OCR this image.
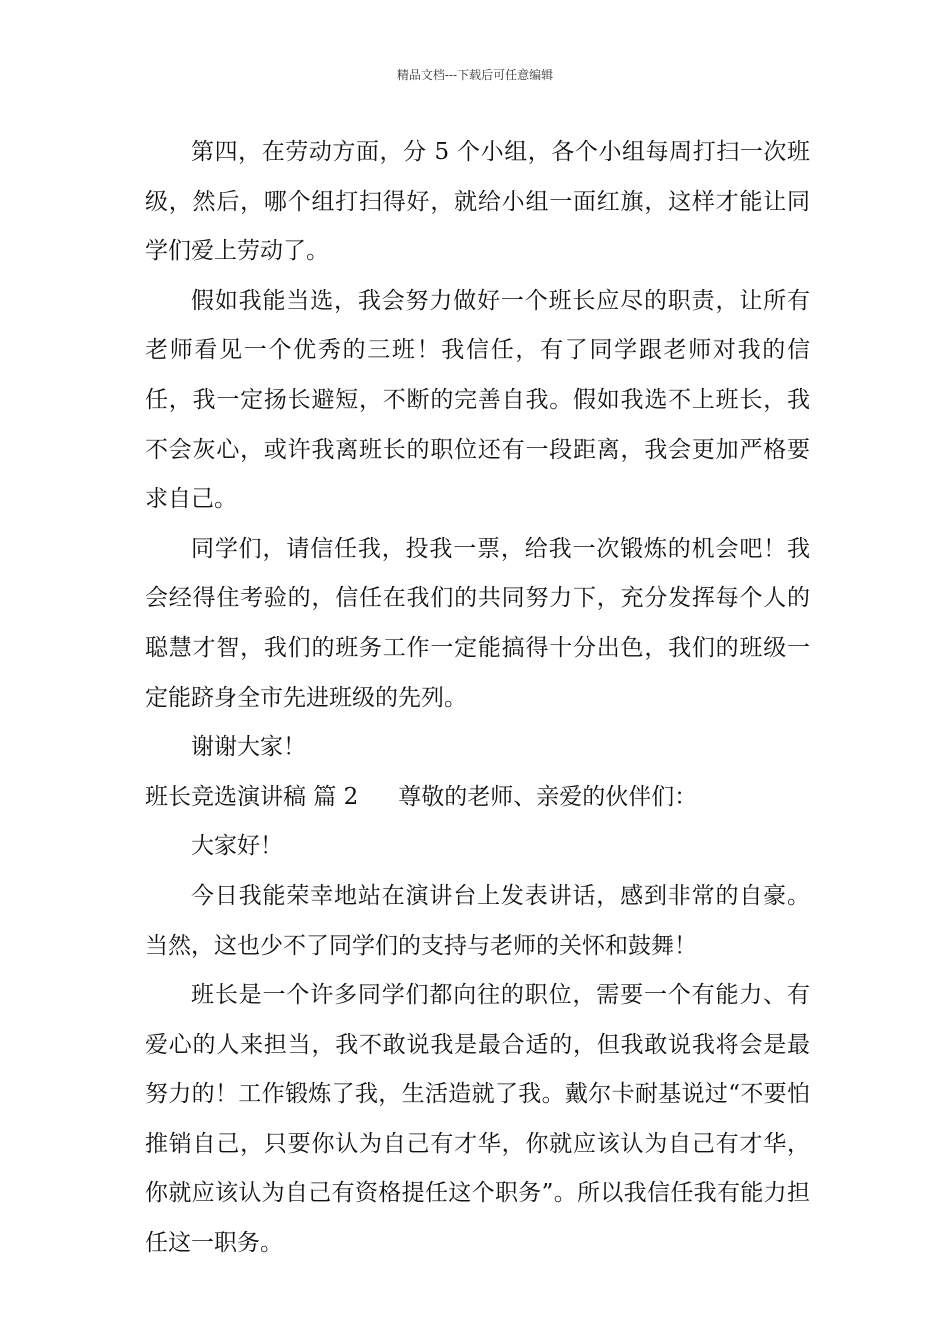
精品文档---下载后可任意编辑

第四，在劳动方面，分 5 个小组，各个小组每周打扫一次班级，然后，哪个组打扫得好，就给小组一面红旗，这样才能让同学们爱上劳动了。

假如我能当选，我会努力做好一个班长应尽的职责，让所有老师看见一个优秀的三班！我信任，有了同学跟老师对我的信任，我一定扬长避短，不断的完善自我。假如我选不上班长，我不会灰心，或许我离班长的职位还有一段距离，我会更加严格要求自己。

同学们，请信任我，投我一票，给我一次锻炼的机会吧！我会经得住考验的，信任在我们的共同努力下，充分发挥每个人的聪慧才智，我们的班务工作一定能搞得十分出色，我们的班级一定能跻身全市先进班级的先列。

谢谢大家！

班长竞选演讲稿 篇 2 尊敬的老师、亲爱的伙伴们：

大家好！

今日我能荣幸地站在演讲台上发表讲话，感到非常的自豪。当然，这也少不了同学们的支持与老师的关怀和鼓舞！

班长是一个许多同学们都向往的职位，需要一个有能力、有爱心的人来担当，我不敢说我是最合适的，但我敢说我将会是最努力的！工作锻炼了我，生活造就了我。戴尔卡耐基说过“不要怕推销自己，只要你认为自己有才华，你就应该认为自己有才华，你就应该认为自己有资格提任这个职务”。所以我信任我有能力担任这一职务。
